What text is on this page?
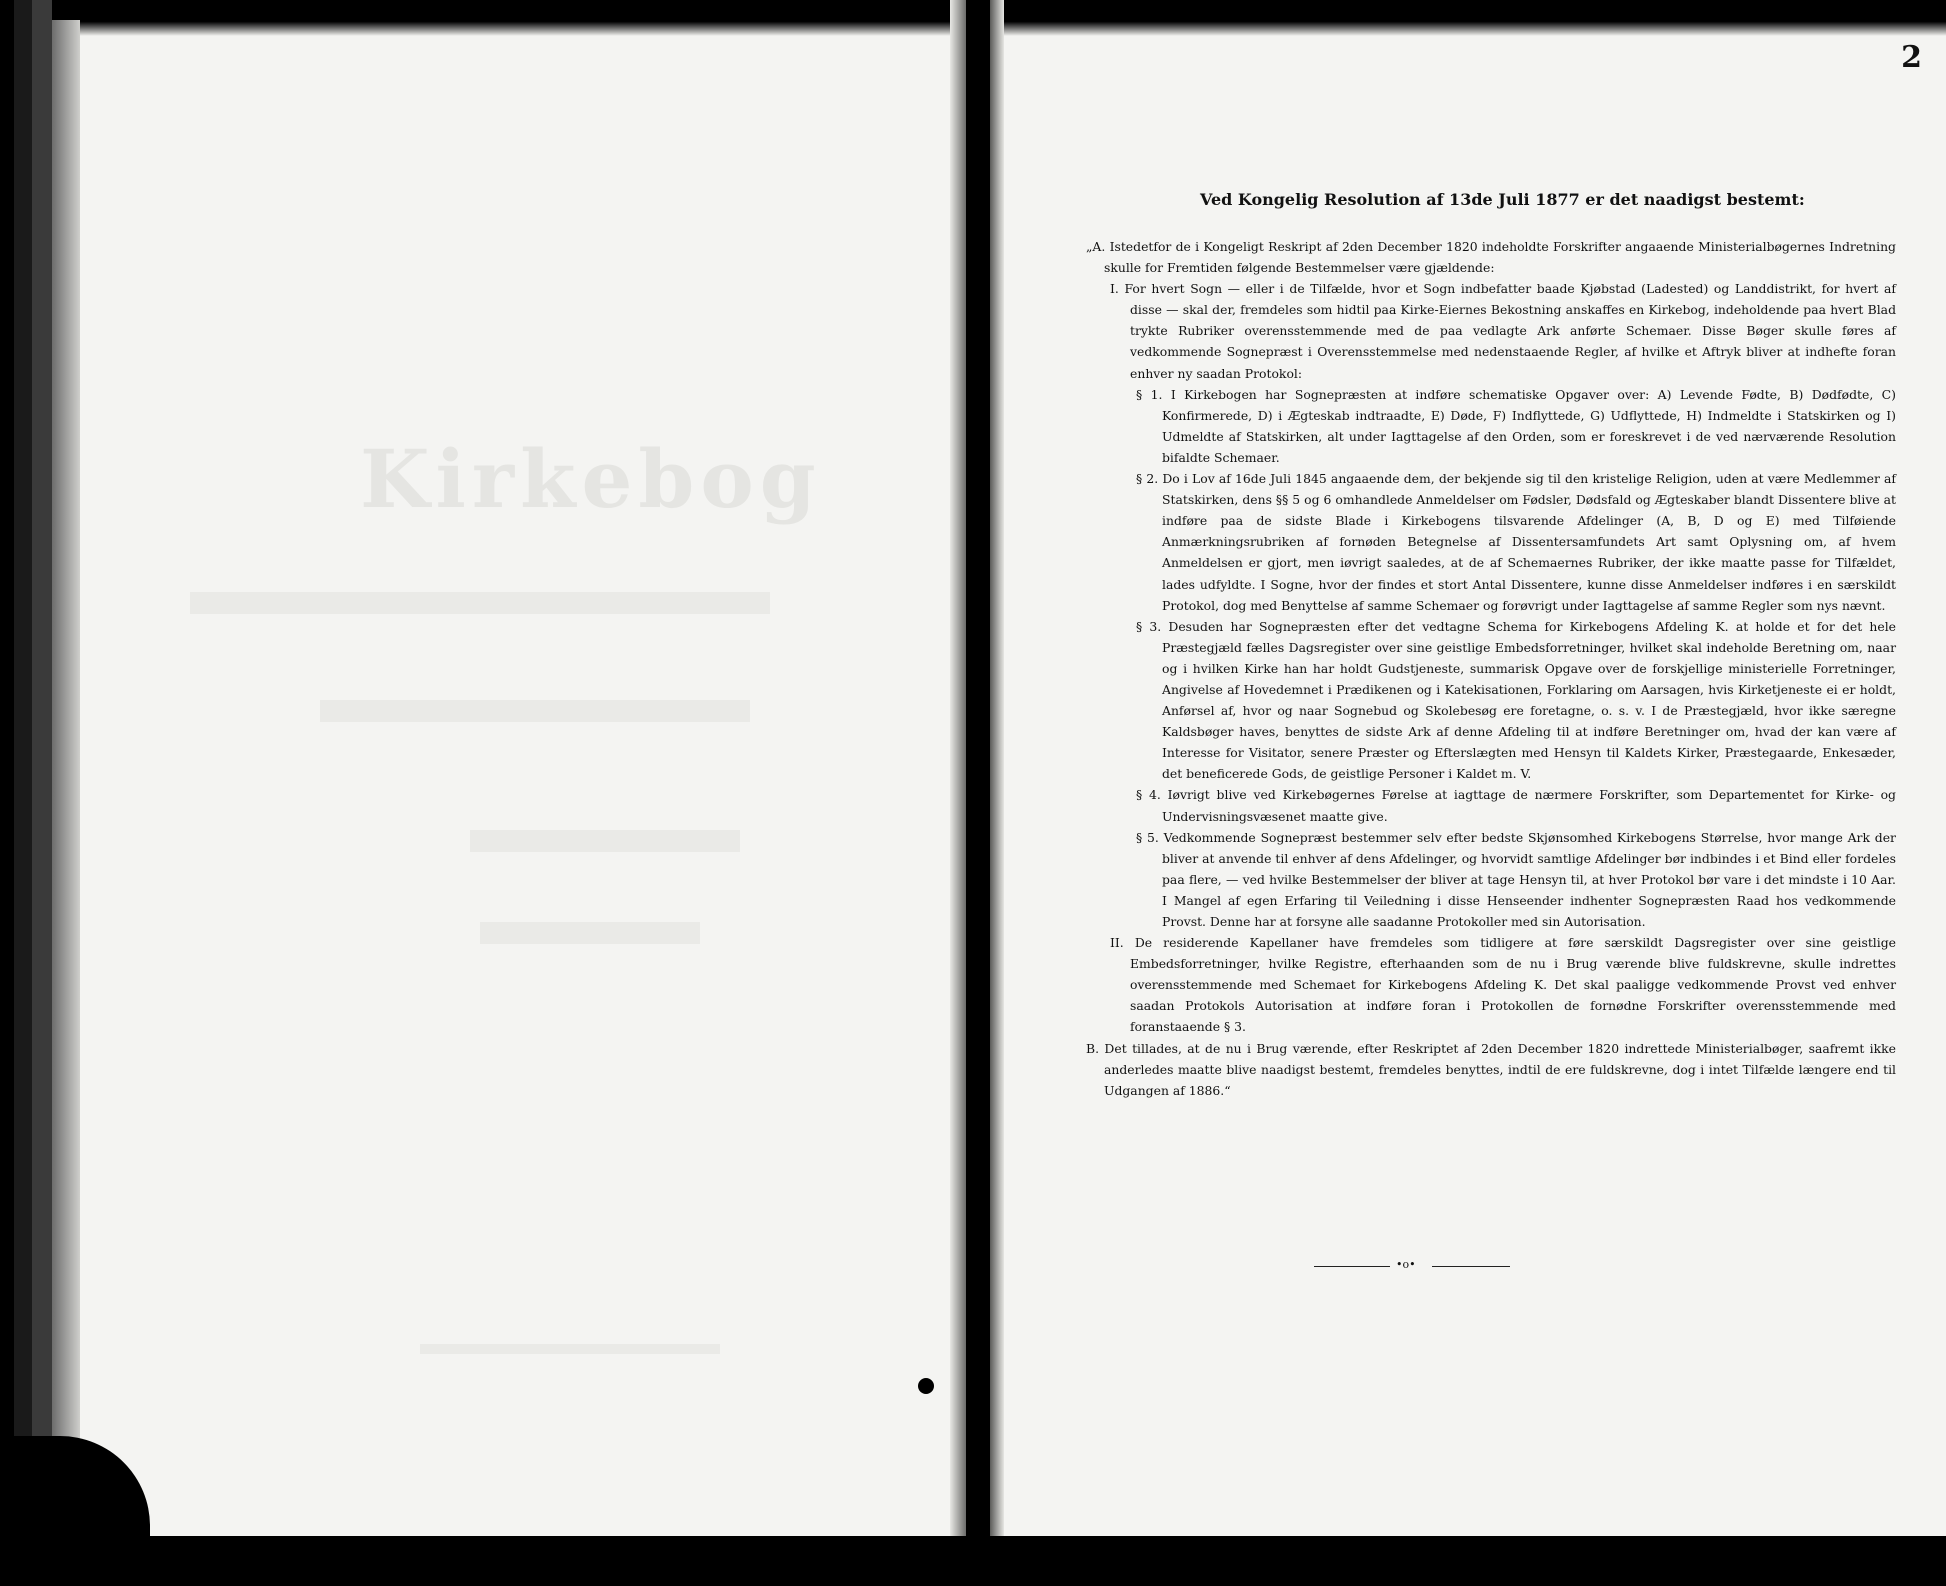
Kirkebog
2
Ved Kongelig Resolution af 13de Juli 1877 er det naadigst bestemt:

„A. Istedetfor de i Kongeligt Reskript af 2den December 1820 indeholdte Forskrifter angaaende Ministerialbøgernes Indretning skulle for Fremtiden følgende Bestemmelser være gjældende:

I. For hvert Sogn — eller i de Tilfælde, hvor et Sogn indbefatter baade Kjøbstad (Ladested) og Landdistrikt, for hvert af disse — skal der, fremdeles som hidtil paa Kirke-Eiernes Bekostning anskaffes en Kirkebog, indeholdende paa hvert Blad trykte Rubriker overensstemmende med de paa vedlagte Ark anførte Schemaer. Disse Bøger skulle føres af vedkommende Sognepræst i Overensstemmelse med nedenstaaende Regler, af hvilke et Aftryk bliver at indhefte foran enhver ny saadan Protokol:

§ 1. I Kirkebogen har Sognepræsten at indføre schematiske Opgaver over: A) Levende Fødte, B) Dødfødte, C) Konfirmerede, D) i Ægteskab indtraadte, E) Døde, F) Indflyttede, G) Udflyttede, H) Indmeldte i Statskirken og I) Udmeldte af Statskirken, alt under Iagttagelse af den Orden, som er foreskrevet i de ved nærværende Resolution bifaldte Schemaer.

§ 2. Do i Lov af 16de Juli 1845 angaaende dem, der bekjende sig til den kristelige Religion, uden at være Medlemmer af Statskirken, dens §§ 5 og 6 omhandlede Anmeldelser om Fødsler, Dødsfald og Ægteskaber blandt Dissentere blive at indføre paa de sidste Blade i Kirkebogens tilsvarende Afdelinger (A, B, D og E) med Tilføiende Anmærkningsrubriken af fornøden Betegnelse af Dissentersamfundets Art samt Oplysning om, af hvem Anmeldelsen er gjort, men iøvrigt saaledes, at de af Schemaernes Rubriker, der ikke maatte passe for Tilfældet, lades udfyldte. I Sogne, hvor der findes et stort Antal Dissentere, kunne disse Anmeldelser indføres i en særskildt Protokol, dog med Benyttelse af samme Schemaer og forøvrigt under Iagttagelse af samme Regler som nys nævnt.

§ 3. Desuden har Sognepræsten efter det vedtagne Schema for Kirkebogens Afdeling K. at holde et for det hele Præstegjæld fælles Dagsregister over sine geistlige Embedsforretninger, hvilket skal indeholde Beretning om, naar og i hvilken Kirke han har holdt Gudstjeneste, summarisk Opgave over de forskjellige ministerielle Forretninger, Angivelse af Hovedemnet i Prædikenen og i Katekisationen, Forklaring om Aarsagen, hvis Kirketjeneste ei er holdt, Anførsel af, hvor og naar Sognebud og Skolebesøg ere foretagne, o. s. v. I de Præstegjæld, hvor ikke særegne Kaldsbøger haves, benyttes de sidste Ark af denne Afdeling til at indføre Beretninger om, hvad der kan være af Interesse for Visitator, senere Præster og Efterslægten med Hensyn til Kaldets Kirker, Præstegaarde, Enkesæder, det beneficerede Gods, de geistlige Personer i Kaldet m. V.

§ 4. Iøvrigt blive ved Kirkebøgernes Førelse at iagttage de nærmere Forskrifter, som Departementet for Kirke- og Undervisningsvæsenet maatte give.

§ 5. Vedkommende Sognepræst bestemmer selv efter bedste Skjønsomhed Kirkebogens Størrelse, hvor mange Ark der bliver at anvende til enhver af dens Afdelinger, og hvorvidt samtlige Afdelinger bør indbindes i et Bind eller fordeles paa flere, — ved hvilke Bestemmelser der bliver at tage Hensyn til, at hver Protokol bør vare i det mindste i 10 Aar. I Mangel af egen Erfaring til Veiledning i disse Henseender indhenter Sognepræsten Raad hos vedkommende Provst. Denne har at forsyne alle saadanne Protokoller med sin Autorisation.

II. De residerende Kapellaner have fremdeles som tidligere at føre særskildt Dagsregister over sine geistlige Embedsforretninger, hvilke Registre, efterhaanden som de nu i Brug værende blive fuldskrevne, skulle indrettes overensstemmende med Schemaet for Kirkebogens Afdeling K. Det skal paaligge vedkommende Provst ved enhver saadan Protokols Autorisation at indføre foran i Protokollen de fornødne Forskrifter overensstemmende med foranstaaende § 3.

B. Det tillades, at de nu i Brug værende, efter Reskriptet af 2den December 1820 indrettede Ministerialbøger, saafremt ikke anderledes maatte blive naadigst bestemt, fremdeles benyttes, indtil de ere fuldskrevne, dog i intet Tilfælde længere end til Udgangen af 1886.“

•o•
